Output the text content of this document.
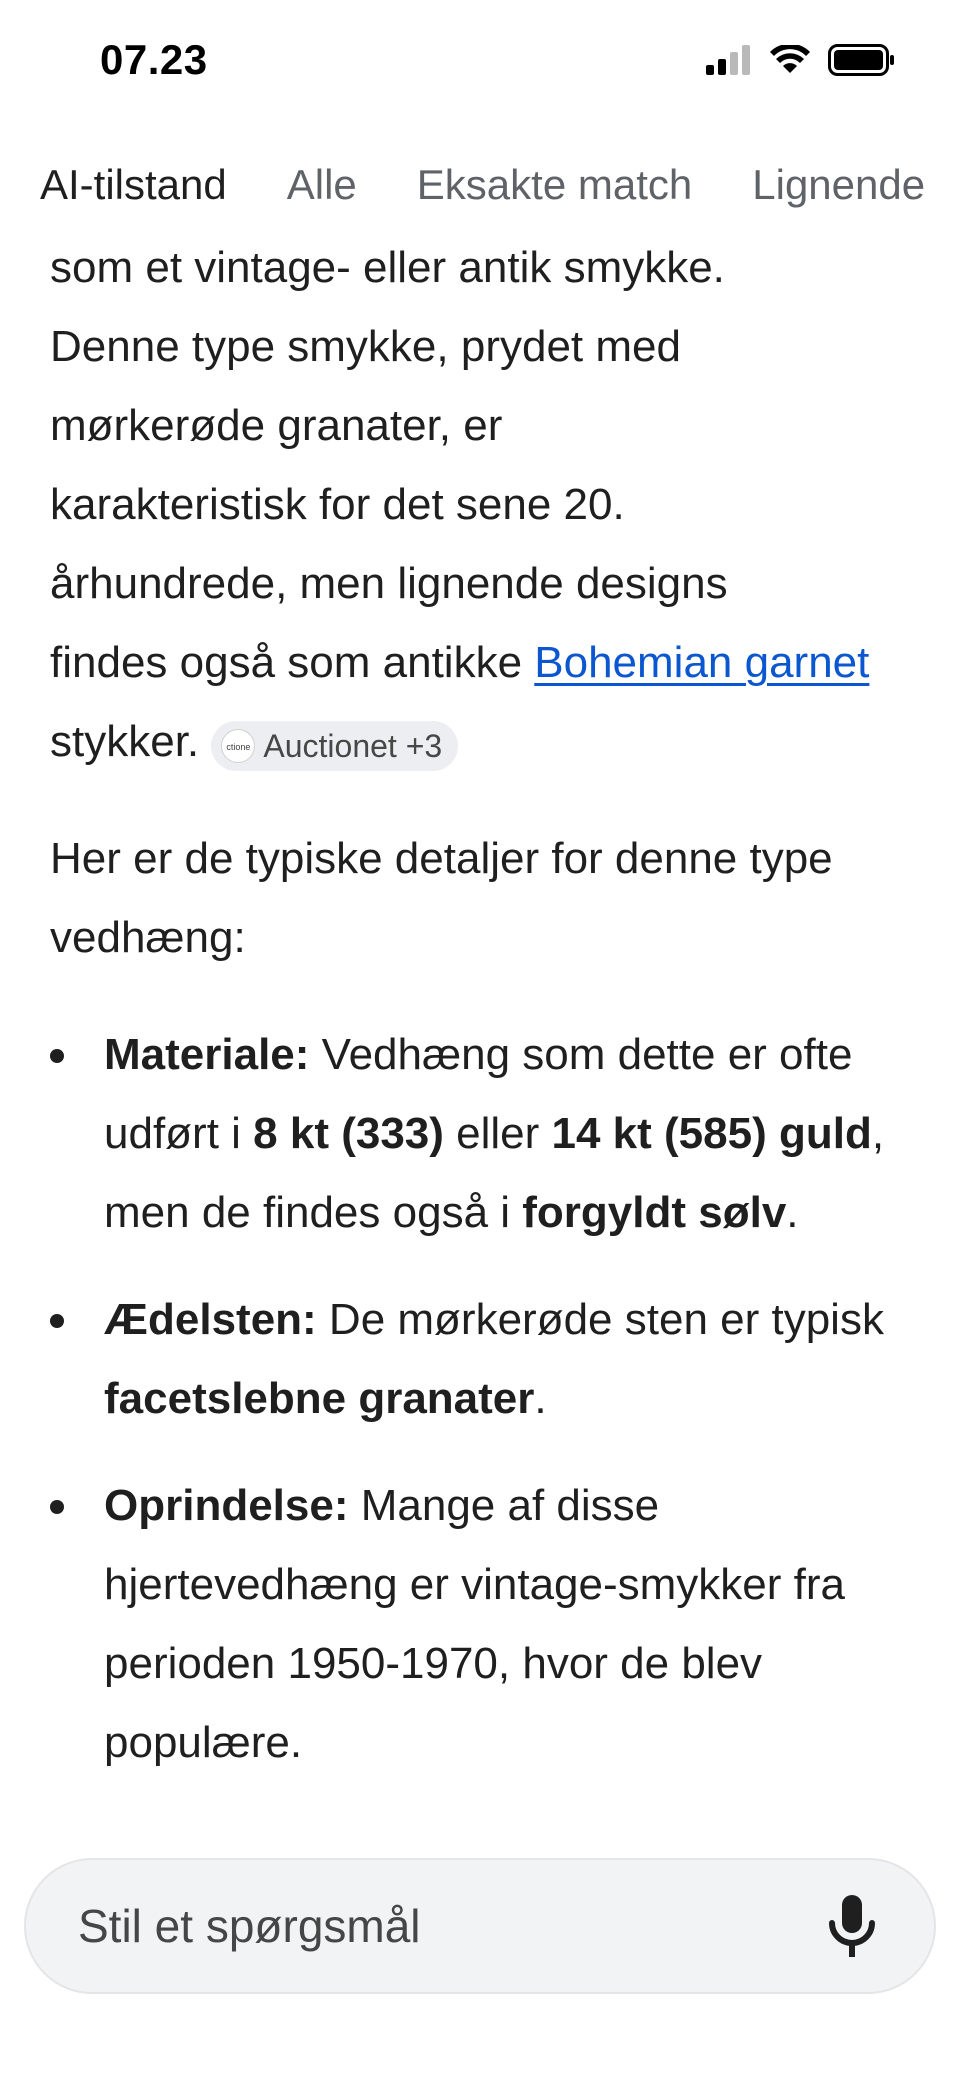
07.23
AI-tilstand Alle Eksakte match Lignende
som et vintage- eller antik smykke.
Denne type smykke, prydet med
mørkerøde granater, er
karakteristisk for det sene 20.
århundrede, men lignende designs
findes også som antikke Bohemian garnet stykker.	ctione Auctionet +3
Her er de typiske detaljer for denne type vedhæng:
Materiale: Vedhæng som dette er ofte udført i 8 kt (333) eller 14 kt (585) guld, men de findes også i forgyldt sølv.
Ædelsten: De mørkerøde sten er typisk facetslebne granater.
Oprindelse: Mange af disse hjertevedhæng er vintage-smykker fra perioden 1950-1970, hvor de blev populære.
Stil et spørgsmål
